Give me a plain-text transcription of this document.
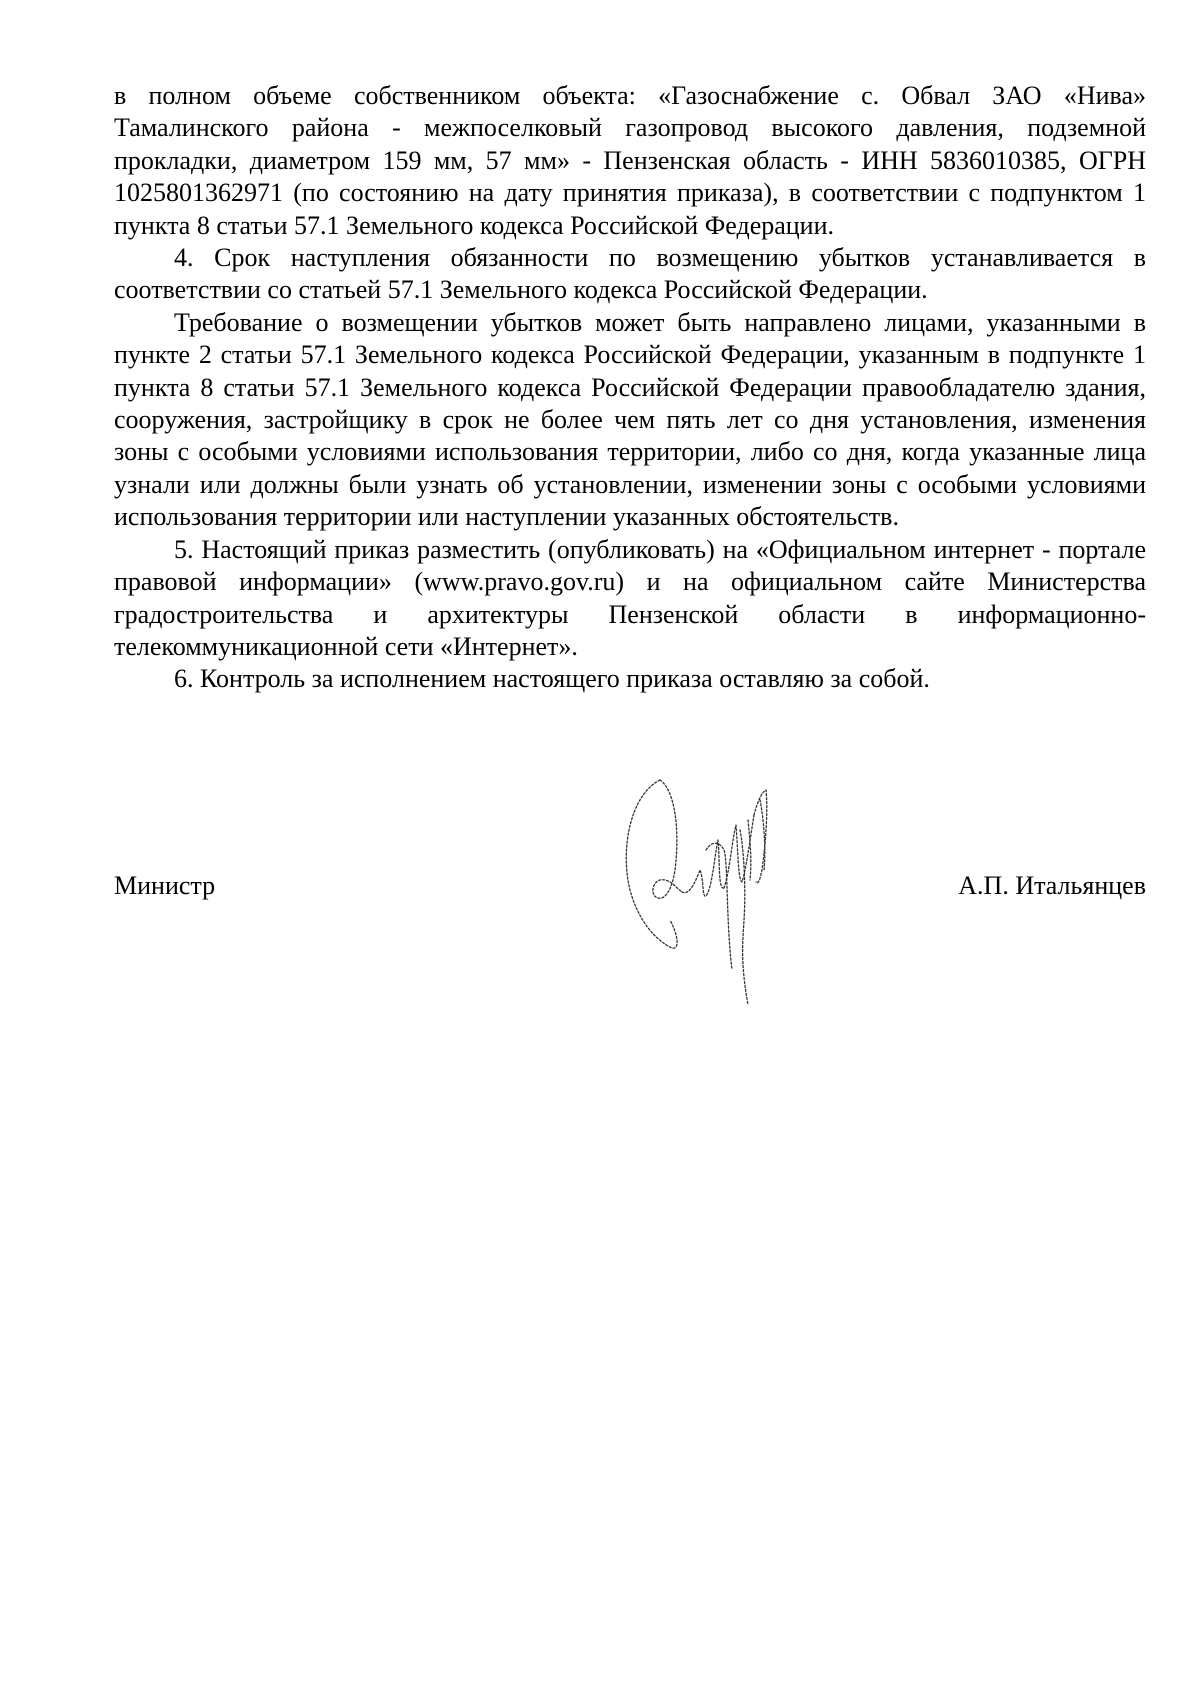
в полном объеме собственником объекта: «Газоснабжение с. Обвал ЗАО «Нива» Тамалинского района - межпоселковый газопровод высокого давления, подземной прокладки, диаметром 159 мм, 57 мм» - Пензенская область - ИНН 5836010385, ОГРН 1025801362971 (по состоянию на дату принятия приказа), в соответствии с подпунктом 1 пункта 8 статьи 57.1 Земельного кодекса Российской Федерации.

4. Срок наступления обязанности по возмещению убытков устанавливается в соответствии со статьей 57.1 Земельного кодекса Российской Федерации.

Требование о возмещении убытков может быть направлено лицами, указанными в пункте 2 статьи 57.1 Земельного кодекса Российской Федерации, указанным в подпункте 1 пункта 8 статьи 57.1 Земельного кодекса Российской Федерации правообладателю здания, сооружения, застройщику в срок не более чем пять лет со дня установления, изменения зоны с особыми условиями использования территории, либо со дня, когда указанные лица узнали или должны были узнать об установлении, изменении зоны с особыми условиями использования территории или наступлении указанных обстоятельств.

5. Настоящий приказ разместить (опубликовать) на «Официальном интернет - портале правовой информации» (www.pravo.gov.ru) и на официальном сайте Министерства градостроительства и архитектуры Пензенской области в информационно-телекоммуникационной сети «Интернет».

6. Контроль за исполнением настоящего приказа оставляю за собой.

Министр	А.П. Итальянцев
